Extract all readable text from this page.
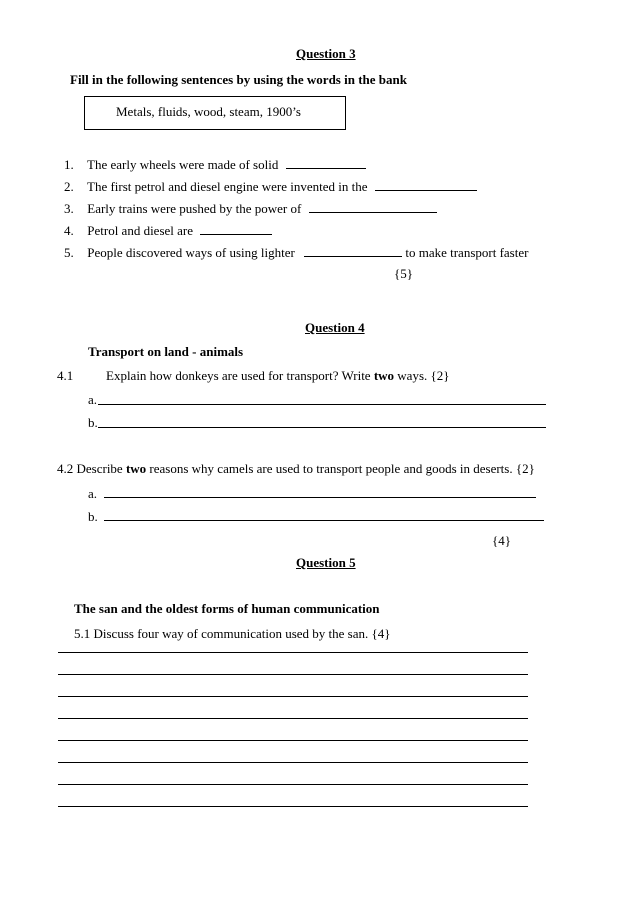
Question 3
Fill in the following sentences by using the words in the bank
Metals, fluids, wood, steam, 1900’s
1. The early wheels were made of solid
2. The first petrol and diesel engine were invented in the
3. Early trains were pushed by the power of
4. Petrol and diesel are
5. People discovered ways of using lighter	to make transport faster
{5}
Question 4
Transport on land - animals
4.1	Explain how donkeys are used for transport? Write two ways. {2}
a.
b.
4.2 Describe two reasons why camels are used to transport people and goods in deserts. {2}
a.
b.
{4}
Question 5
The san and the oldest forms of human communication
5.1 Discuss four way of communication used by the san. {4}
